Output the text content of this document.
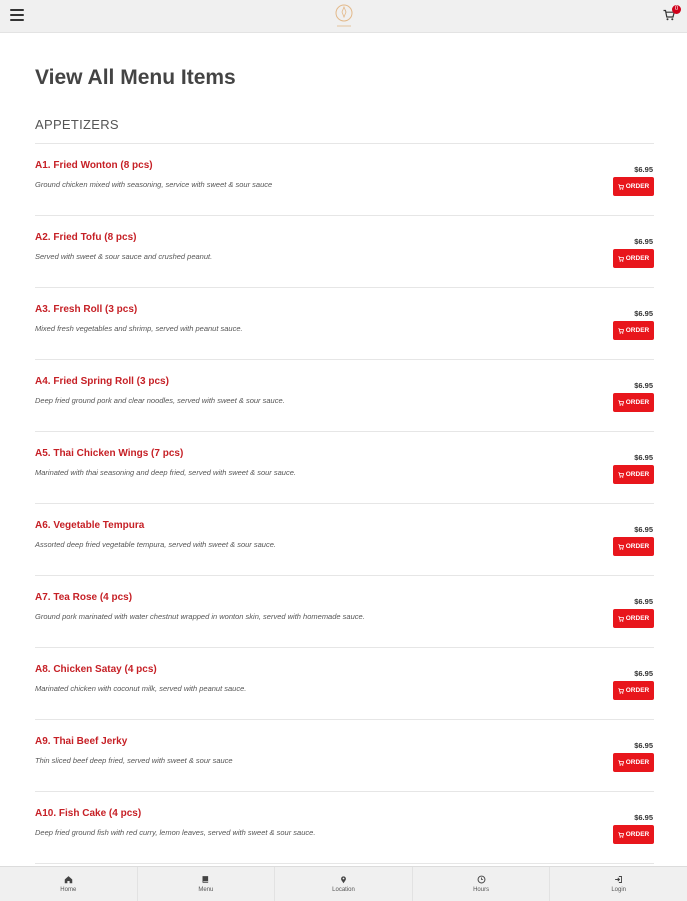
0
View All Menu Items
APPETIZERS
A1. Fried Wonton (8 pcs)
Ground chicken mixed with seasoning, service with sweet & sour sauce
$6.95
ORDER
A2. Fried Tofu (8 pcs)
Served with sweet & sour sauce and crushed peanut.
$6.95
ORDER
A3. Fresh Roll (3 pcs)
Mixed fresh vegetables and shrimp, served with peanut sauce.
$6.95
ORDER
A4. Fried Spring Roll (3 pcs)
Deep fried ground pork and clear noodles, served with sweet & sour sauce.
$6.95
ORDER
A5. Thai Chicken Wings (7 pcs)
Marinated with thai seasoning and deep fried, served with sweet & sour sauce.
$6.95
ORDER
A6. Vegetable Tempura
Assorted deep fried vegetable tempura, served with sweet & sour sauce.
$6.95
ORDER
A7. Tea Rose (4 pcs)
Ground pork marinated with water chestnut wrapped in wonton skin, served with homemade sauce.
$6.95
ORDER
A8. Chicken Satay (4 pcs)
Marinated chicken with coconut milk, served with peanut sauce.
$6.95
ORDER
A9. Thai Beef Jerky
Thin sliced beef deep fried, served with sweet & sour sauce
$6.95
ORDER
A10. Fish Cake (4 pcs)
Deep fried ground fish with red curry, lemon leaves, served with sweet & sour sauce.
$6.95
ORDER
Home	Menu	Location	Hours	Login
